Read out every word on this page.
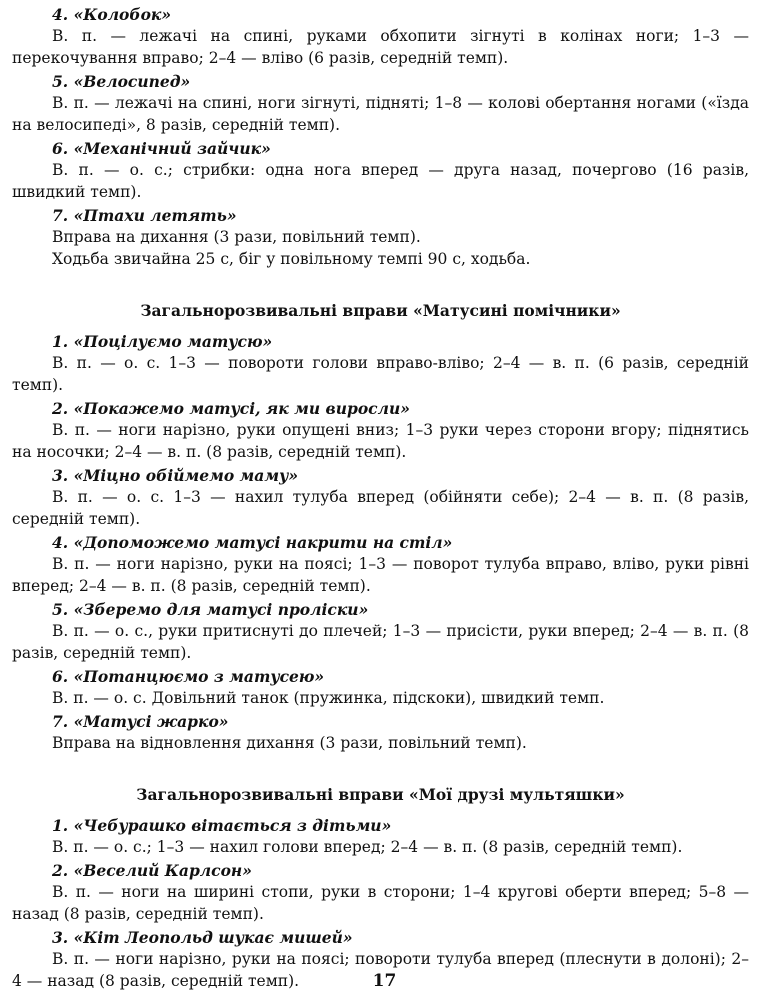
4. «Колобок»

В. п. — лежачі на спині, руками обхопити зігнуті в колінах ноги; 1–3 — перекочування вправо; 2–4 — вліво (6 разів, середній темп).

5. «Велосипед»

В. п. — лежачі на спині, ноги зігнуті, підняті; 1–8 — колові обертання ногами («їзда на велосипеді», 8 разів, середній темп).

6. «Механічний зайчик»

В. п. — о. с.; стрибки: одна нога вперед — друга назад, почергово (16 разів, швидкий темп).

7. «Птахи летять»

Вправа на дихання (3 рази, повільний темп).

Ходьба звичайна 25 с, біг у повільному темпі 90 с, ходьба.

Загальнорозвивальні вправи «Матусині помічники»
1. «Поцілуємо матусю»

В. п. — о. с. 1–3 — повороти голови вправо-вліво; 2–4 — в. п. (6 разів, середній темп).

2. «Покажемо матусі, як ми виросли»

В. п. — ноги нарізно, руки опущені вниз; 1–3 руки через сторони вгору; піднятись на носочки; 2–4 — в. п. (8 разів, середній темп).

3. «Міцно обіймемо маму»

В. п. — о. с. 1–3 — нахил тулуба вперед (обійняти себе); 2–4 — в. п. (8 разів, середній темп).

4. «Допоможемо матусі накрити на стіл»

В. п. — ноги нарізно, руки на поясі; 1–3 — поворот тулуба вправо, вліво, руки рівні вперед; 2–4 — в. п. (8 разів, середній темп).

5. «Зберемо для матусі проліски»

В. п. — о. с., руки притиснуті до плечей; 1–3 — присісти, руки вперед; 2–4 — в. п. (8 разів, середній темп).

6. «Потанцюємо з матусею»

В. п. — о. с. Довільний танок (пружинка, підскоки), швидкий темп.

7. «Матусі жарко»

Вправа на відновлення дихання (3 рази, повільний темп).

Загальнорозвивальні вправи «Мої друзі мультяшки»
1. «Чебурашко вітається з дітьми»

В. п. — о. с.; 1–3 — нахил голови вперед; 2–4 — в. п. (8 разів, середній темп).

2. «Веселий Карлсон»

В. п. — ноги на ширині стопи, руки в сторони; 1–4 кругові оберти вперед; 5–8 — назад (8 разів, середній темп).

3. «Кіт Леопольд шукає мишей»

В. п. — ноги нарізно, руки на поясі; повороти тулуба вперед (плеснути в долоні); 2–4 — назад (8 разів, середній темп).	17
